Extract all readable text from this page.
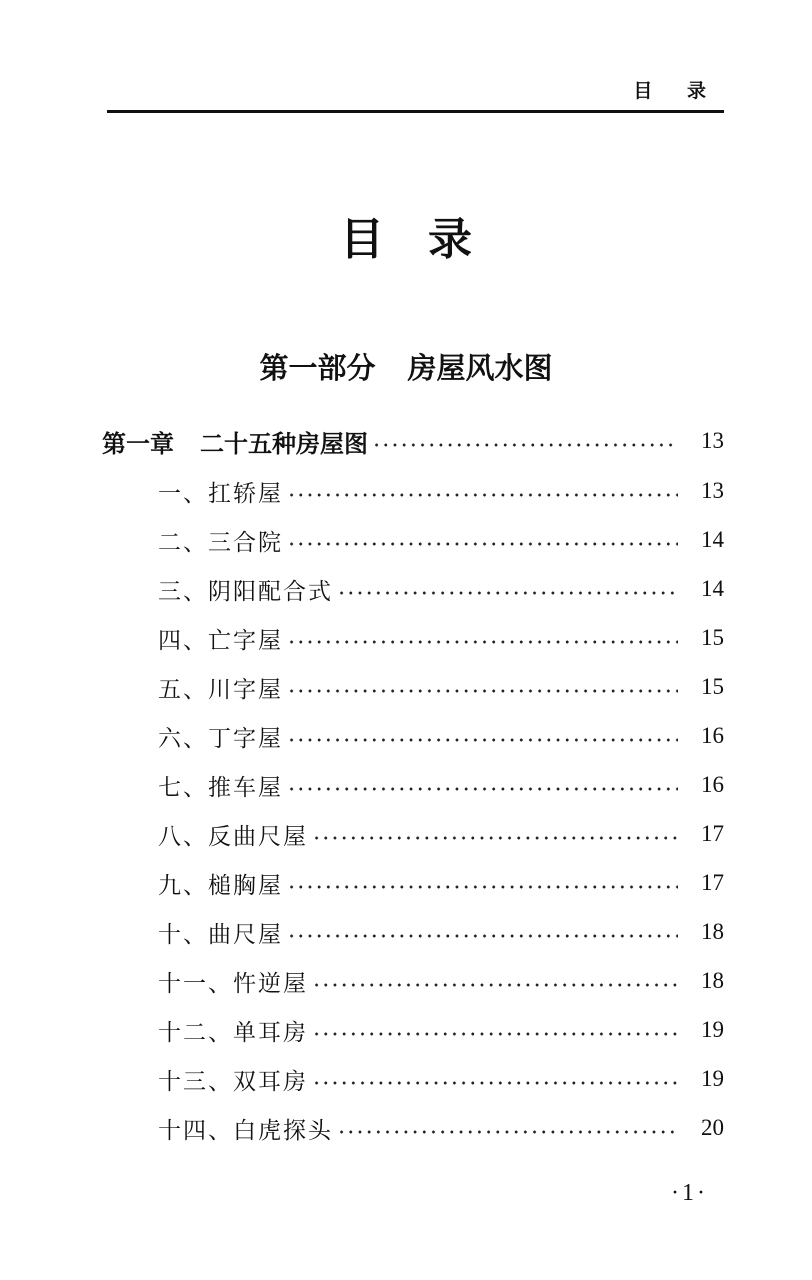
目 录
目 录
第一部分 房屋风水图
第一章 二十五种房屋图	13
一、扛轿屋	13
二、三合院	14
三、阴阳配合式	14
四、亡字屋	15
五、川字屋	15
六、丁字屋	16
七、推车屋	16
八、反曲尺屋	17
九、槌胸屋	17
十、曲尺屋	18
十一、忤逆屋	18
十二、单耳房	19
十三、双耳房	19
十四、白虎探头	20
·1·
